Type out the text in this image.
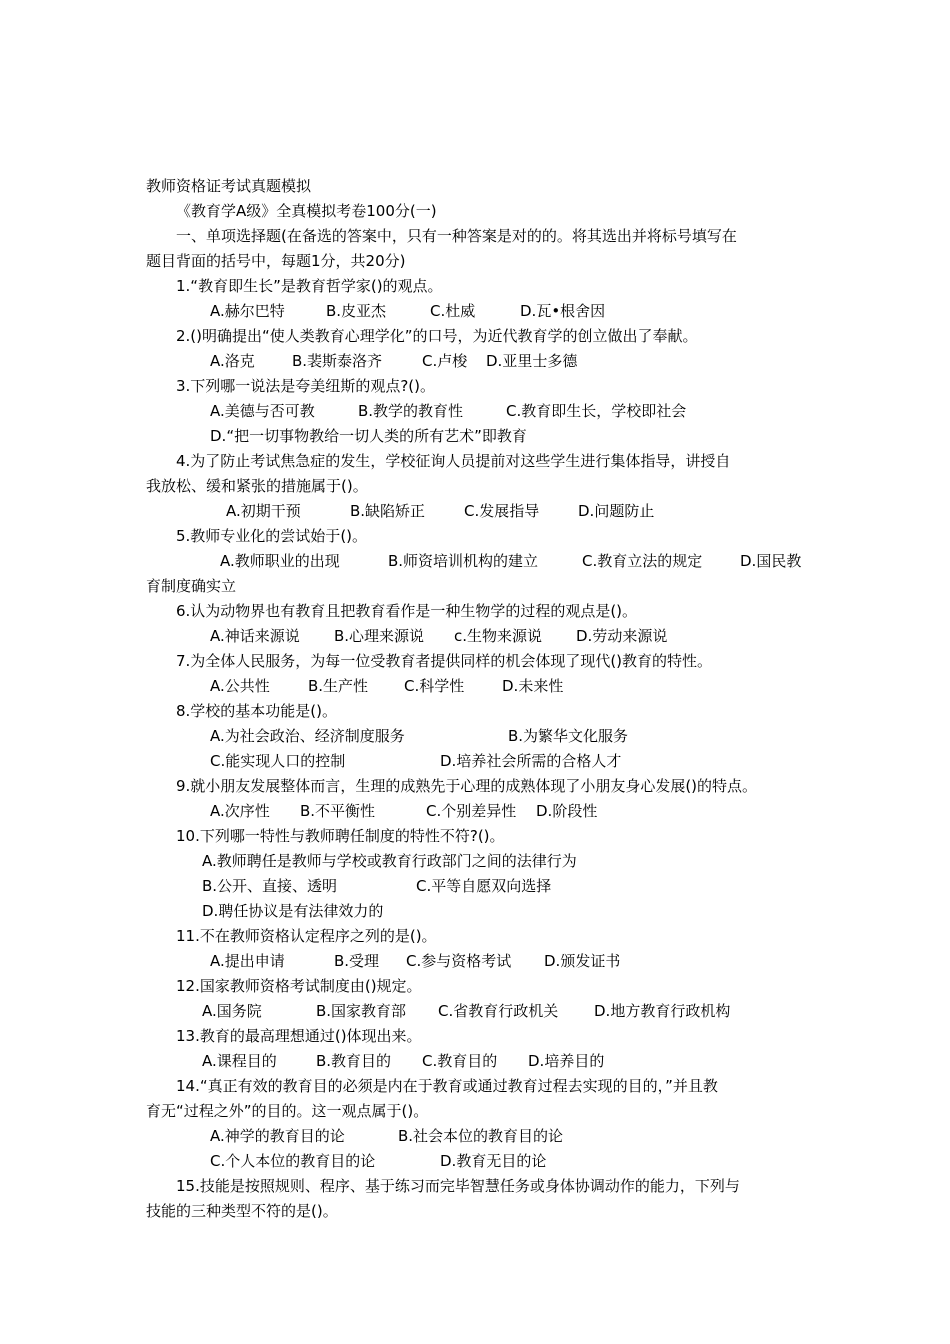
教师资格证考试真题模拟
《教育学A级》全真模拟考卷100分(一)
一、单项选择题(在备选的答案中，只有一种答案是对的的。将其选出并将标号填写在
题目背面的括号中，每题1分，共20分)
1.“教育即生长”是教育哲学家()的观点。
A.赫尔巴特	B.皮亚杰	C.杜威	D.瓦•根舍因
2.()明确提出“使人类教育心理学化”的口号，为近代教育学的创立做出了奉献。
A.洛克 B.裴斯泰洛齐	C.卢梭 D.亚里士多德
3.下列哪一说法是夸美纽斯的观点?()。
A.美德与否可教	B.教学的教育性	C.教育即生长，学校即社会
D.“把一切事物教给一切人类的所有艺术”即教育
4.为了防止考试焦急症的发生，学校征询人员提前对这些学生进行集体指导，讲授自
我放松、缓和紧张的措施属于()。
A.初期干预	B.缺陷矫正	C.发展指导	D.问题防止
5.教师专业化的尝试始于()。
A.教师职业的出现	B.师资培训机构的建立	C.教育立法的规定	D.国民教
育制度确实立
6.认为动物界也有教育且把教育看作是一种生物学的过程的观点是()。
A.神话来源说 B.心理来源说 c.生物来源说 D.劳动来源说
7.为全体人民服务，为每一位受教育者提供同样的机会体现了现代()教育的特性。
A.公共性	B.生产性 C.科学性	D.未来性
8.学校的基本功能是()。
A.为社会政治、经济制度服务	B.为繁华文化服务
C.能实现人口的控制	D.培养社会所需的合格人才
9.就小朋友发展整体而言，生理的成熟先于心理的成熟体现了小朋友身心发展()的特点。
A.次序性 B.不平衡性	C.个别差异性 D.阶段性
10.下列哪一特性与教师聘任制度的特性不符?()。
A.教师聘任是教师与学校或教育行政部门之间的法律行为
B.公开、直接、透明	C.平等自愿双向选择
D.聘任协议是有法律效力的
11.不在教师资格认定程序之列的是()。
A.提出申请	B.受理 C.参与资格考试 D.颁发证书
12.国家教师资格考试制度由()规定。
A.国务院	B.国家教育部 C.省教育行政机关 D.地方教育行政机构
13.教育的最高理想通过()体现出来。
A.课程目的	B.教育目的 C.教育目的 D.培养目的
14.“真正有效的教育目的必须是内在于教育或通过教育过程去实现的目的，”并且教
育无“过程之外”的目的。这一观点属于()。
A.神学的教育目的论	B.社会本位的教育目的论
C.个人本位的教育目的论	D.教育无目的论
15.技能是按照规则、程序、基于练习而完毕智慧任务或身体协调动作的能力，下列与
技能的三种类型不符的是()。
